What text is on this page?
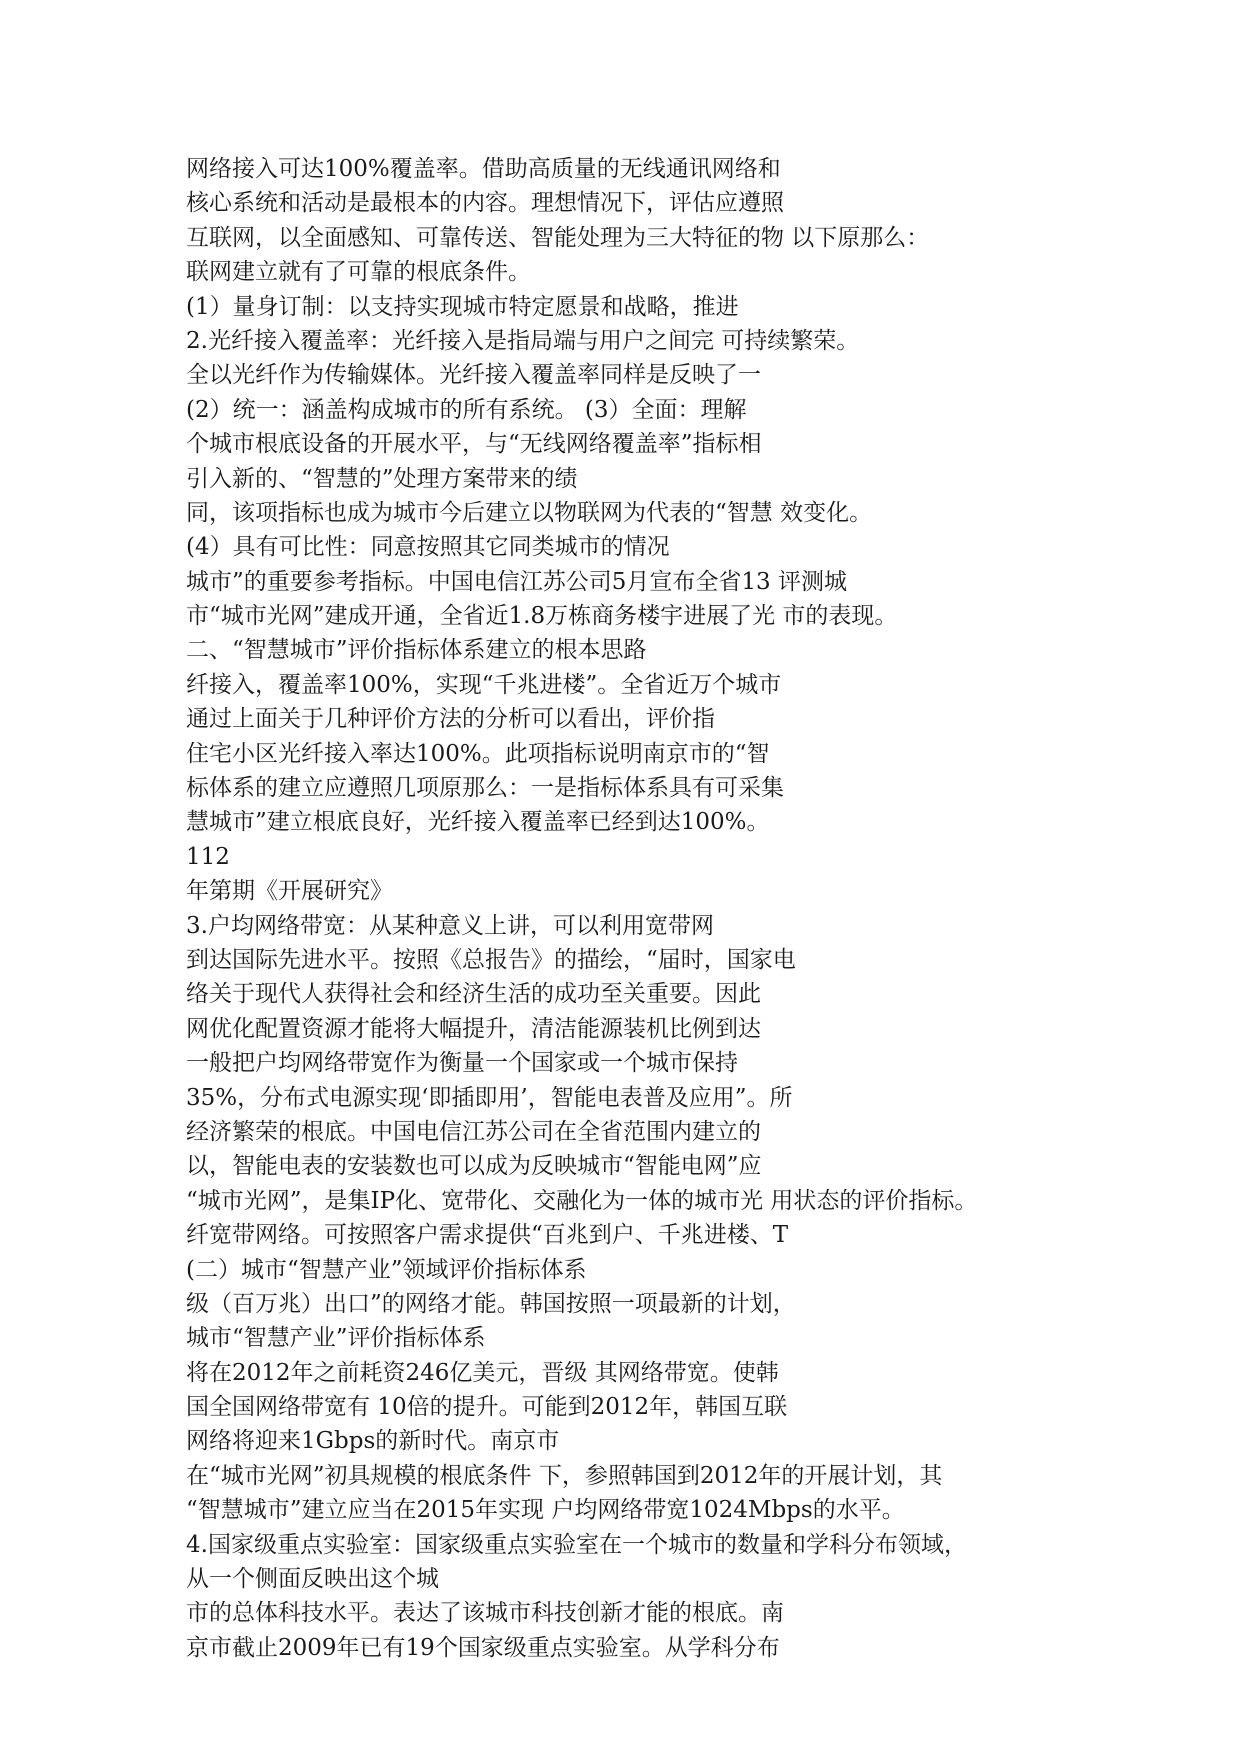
网络接入可达100%覆盖率。借助高质量的无线通讯网络和
核心系统和活动是最根本的内容。理想情况下，评估应遵照
互联网，以全面感知、可靠传送、智能处理为三大特征的物 以下原那么：
联网建立就有了可靠的根底条件。
(1）量身订制：以支持实现城市特定愿景和战略，推进
2.光纤接入覆盖率：光纤接入是指局端与用户之间完 可持续繁荣。
全以光纤作为传输媒体。光纤接入覆盖率同样是反映了一
(2）统一：涵盖构成城市的所有系统。 (3）全面：理解
个城市根底设备的开展水平，与“无线网络覆盖率”指标相
引入新的、“智慧的”处理方案带来的绩
同，该项指标也成为城市今后建立以物联网为代表的“智慧 效变化。
(4）具有可比性：同意按照其它同类城市的情况
城市”的重要参考指标。中国电信江苏公司5月宣布全省13 评测城
市“城市光网”建成开通，全省近1.8万栋商务楼宇进展了光 市的表现。
二、“智慧城市”评价指标体系建立的根本思路
纤接入，覆盖率100%，实现“千兆进楼”。全省近万个城市
通过上面关于几种评价方法的分析可以看出，评价指
住宅小区光纤接入率达100%。此项指标说明南京市的“智
标体系的建立应遵照几项原那么：一是指标体系具有可采集
慧城市”建立根底良好，光纤接入覆盖率已经到达100%。
112
年第期《开展研究》
3.户均网络带宽：从某种意义上讲，可以利用宽带网
到达国际先进水平。按照《总报告》的描绘，“届时，国家电
络关于现代人获得社会和经济生活的成功至关重要。因此
网优化配置资源才能将大幅提升，清洁能源装机比例到达
一般把户均网络带宽作为衡量一个国家或一个城市保持
35%，分布式电源实现‘即插即用’，智能电表普及应用”。所
经济繁荣的根底。中国电信江苏公司在全省范围内建立的
以，智能电表的安装数也可以成为反映城市“智能电网”应
“城市光网”，是集IP化、宽带化、交融化为一体的城市光 用状态的评价指标。
纤宽带网络。可按照客户需求提供“百兆到户、千兆进楼、T
(二）城市“智慧产业”领域评价指标体系
级（百万兆）出口”的网络才能。韩国按照一项最新的计划，
城市“智慧产业”评价指标体系
将在2012年之前耗资246亿美元，晋级 其网络带宽。使韩
国全国网络带宽有 10倍的提升。可能到2012年，韩国互联
网络将迎来1Gbps的新时代。南京市
在“城市光网”初具规模的根底条件 下，参照韩国到2012年的开展计划，其
“智慧城市”建立应当在2015年实现 户均网络带宽1024Mbps的水平。
4.国家级重点实验室：国家级重点实验室在一个城市的数量和学科分布领域，
从一个侧面反映出这个城
市的总体科技水平。表达了该城市科技创新才能的根底。南
京市截止2009年已有19个国家级重点实验室。从学科分布
